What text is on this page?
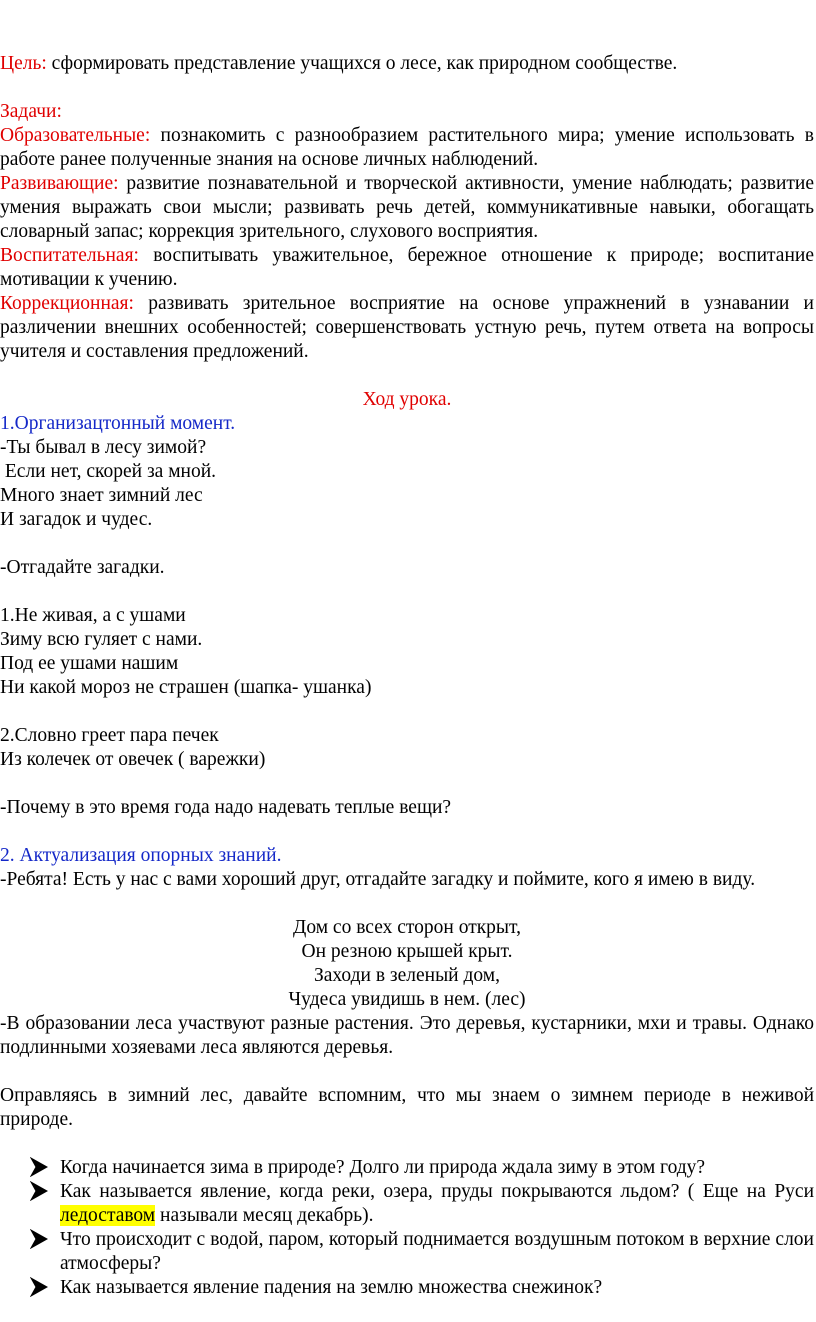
Цель: сформировать представление учащихся о лесе, как природном сообществе.

Задачи:

Образовательные: познакомить с разнообразием растительного мира; умение использовать в работе ранее полученные знания на основе личных наблюдений.

Развивающие: развитие познавательной и творческой активности, умение наблюдать; развитие умения выражать свои мысли; развивать речь детей, коммуникативные навыки, обогащать словарный запас; коррекция зрительного, слухового восприятия.

Воспитательная: воспитывать уважительное, бережное отношение к природе; воспитание мотивации к учению.

Коррекционная: развивать зрительное восприятие на основе упражнений в узнавании и различении внешних особенностей; совершенствовать устную речь, путем ответа на вопросы учителя и составления предложений.

Ход урока.

1.Организацтонный момент.

-Ты бывал в лесу зимой?

Если нет, скорей за мной.

Много знает зимний лес

И загадок и чудес.

-Отгадайте загадки.

1.Не живая, а с ушами

Зиму всю гуляет с нами.

Под ее ушами нашим

Ни какой мороз не страшен (шапка- ушанка)

2.Словно греет пара печек

Из колечек от овечек ( варежки)

-Почему в это время года надо надевать теплые вещи?

2. Актуализация опорных знаний.

-Ребята! Есть у нас с вами хороший друг, отгадайте загадку и поймите, кого я имею в виду.

Дом со всех сторон открыт,

Он резною крышей крыт.

Заходи в зеленый дом,

Чудеса увидишь в нем. (лес)

-В образовании леса участвуют разные растения. Это деревья, кустарники, мхи и травы. Однако подлинными хозяевами леса являются деревья.

Оправляясь в зимний лес, давайте вспомним, что мы знаем о зимнем периоде в неживой природе.

Когда начинается зима в природе? Долго ли природа ждала зиму в этом году?
Как называется явление, когда реки, озера, пруды покрываются льдом? ( Еще на Руси ледоставом называли месяц декабрь).
Что происходит с водой, паром, который поднимается воздушным потоком в верхние слои атмосферы?
Как называется явление падения на землю множества снежинок?
